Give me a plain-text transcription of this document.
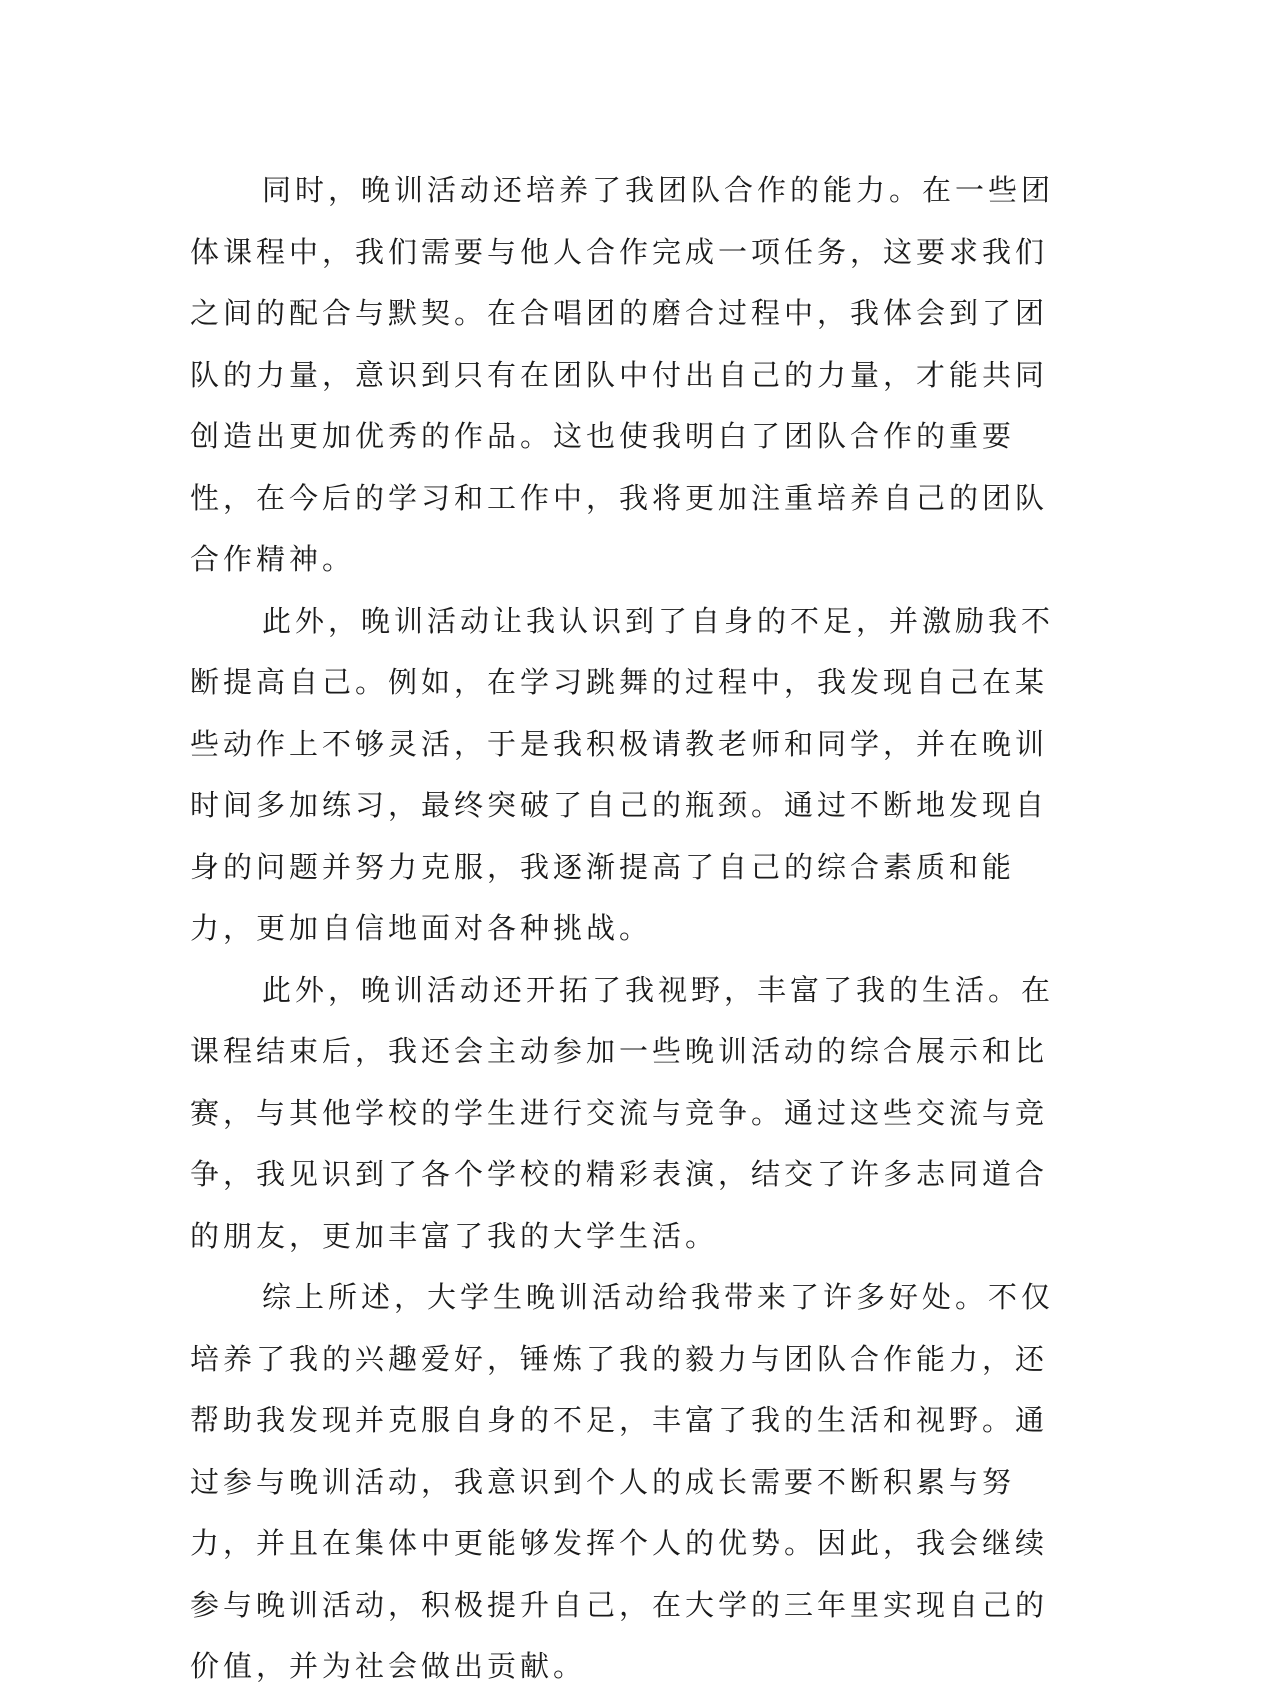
同时，晚训活动还培养了我团队合作的能力。在一些团体课程中，我们需要与他人合作完成一项任务，这要求我们之间的配合与默契。在合唱团的磨合过程中，我体会到了团队的力量，意识到只有在团队中付出自己的力量，才能共同创造出更加优秀的作品。这也使我明白了团队合作的重要性，在今后的学习和工作中，我将更加注重培养自己的团队合作精神。

此外，晚训活动让我认识到了自身的不足，并激励我不断提高自己。例如，在学习跳舞的过程中，我发现自己在某些动作上不够灵活，于是我积极请教老师和同学，并在晚训时间多加练习，最终突破了自己的瓶颈。通过不断地发现自身的问题并努力克服，我逐渐提高了自己的综合素质和能力，更加自信地面对各种挑战。

此外，晚训活动还开拓了我视野，丰富了我的生活。在课程结束后，我还会主动参加一些晚训活动的综合展示和比赛，与其他学校的学生进行交流与竞争。通过这些交流与竞争，我见识到了各个学校的精彩表演，结交了许多志同道合的朋友，更加丰富了我的大学生活。

综上所述，大学生晚训活动给我带来了许多好处。不仅培养了我的兴趣爱好，锤炼了我的毅力与团队合作能力，还帮助我发现并克服自身的不足，丰富了我的生活和视野。通过参与晚训活动，我意识到个人的成长需要不断积累与努力，并且在集体中更能够发挥个人的优势。因此，我会继续参与晚训活动，积极提升自己，在大学的三年里实现自己的价值，并为社会做出贡献。
